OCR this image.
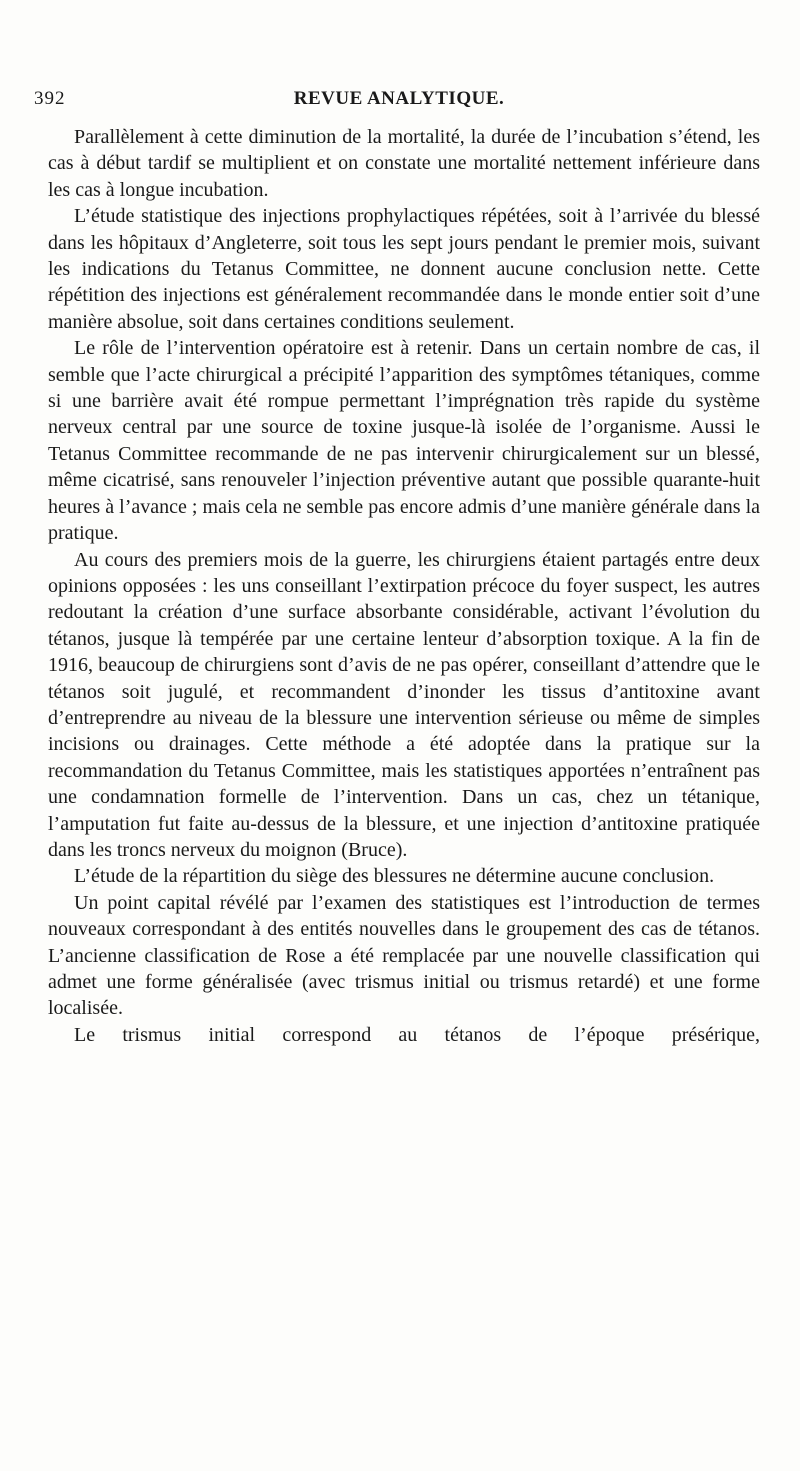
392	REVUE ANALYTIQUE.

Parallèlement à cette diminution de la mortalité, la durée de l’incubation s’étend, les cas à début tardif se multiplient et on constate une mortalité nettement inférieure dans les cas à longue incubation.

L’étude statistique des injections prophylactiques répétées, soit à l’arrivée du blessé dans les hôpitaux d’Angleterre, soit tous les sept jours pendant le premier mois, suivant les indications du Tetanus Committee, ne donnent aucune conclusion nette. Cette répétition des injections est généralement recommandée dans le monde entier soit d’une manière absolue, soit dans certaines conditions seulement.

Le rôle de l’intervention opératoire est à retenir. Dans un certain nombre de cas, il semble que l’acte chirurgical a précipité l’apparition des symptômes tétaniques, comme si une barrière avait été rompue permettant l’imprégnation très rapide du système nerveux central par une source de toxine jusque-là isolée de l’organisme. Aussi le Tetanus Committee recommande de ne pas intervenir chirurgicalement sur un blessé, même cicatrisé, sans renouveler l’injection préventive autant que possible quarante-huit heures à l’avance ; mais cela ne semble pas encore admis d’une manière générale dans la pratique.

Au cours des premiers mois de la guerre, les chirurgiens étaient partagés entre deux opinions opposées : les uns conseillant l’extirpation précoce du foyer suspect, les autres redoutant la création d’une surface absorbante considérable, activant l’évolution du tétanos, jusque là tempérée par une certaine lenteur d’absorption toxique. A la fin de 1916, beaucoup de chirurgiens sont d’avis de ne pas opérer, conseillant d’attendre que le tétanos soit jugulé, et recommandent d’inonder les tissus d’antitoxine avant d’entreprendre au niveau de la blessure une intervention sérieuse ou même de simples incisions ou drainages. Cette méthode a été adoptée dans la pratique sur la recommandation du Tetanus Committee, mais les statistiques apportées n’entraînent pas une condamnation formelle de l’intervention. Dans un cas, chez un tétanique, l’amputation fut faite au-dessus de la blessure, et une injection d’antitoxine pratiquée dans les troncs nerveux du moignon (Bruce).

L’étude de la répartition du siège des blessures ne détermine aucune conclusion.

Un point capital révélé par l’examen des statistiques est l’introduction de termes nouveaux correspondant à des entités nouvelles dans le groupement des cas de tétanos. L’ancienne classification de Rose a été remplacée par une nouvelle classification qui admet une forme généralisée (avec trismus initial ou trismus retardé) et une forme localisée.

Le trismus initial correspond au tétanos de l’époque présérique,
